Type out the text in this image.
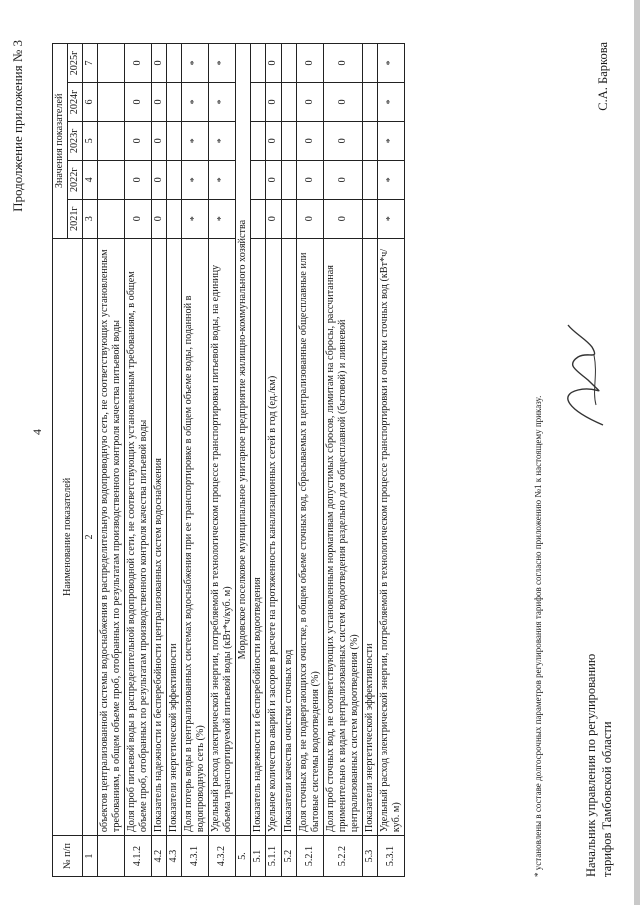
Продолжение приложения № 3
4
№ п/п	Наименование показателей	Значения показателей				
		2021г	2022г	2023г	2024г	2025г
1	2	3	4	5	6	7
	объектов централизованной системы водоснабжения в распределительную водопроводную сеть, не соответствующих установленным требованиям, в общем объеме проб, отобранных по результатам производственного контроля качества питьевой воды					
4.1.2	Доля проб питьевой воды в распределительной водопроводной сети, не соответствующих установленным требованиям, в общем объеме проб, отобранных по результатам производственного контроля качества питьевой воды	0	0	0	0	0
4.2	Показатель надежности и бесперебойности централизованных систем водоснабжения	0	0	0	0	0
4.3	Показатели энергетической эффективности					
4.3.1	Доля потерь воды в централизованных системах водоснабжения при ее транспортировке в общем объеме воды, поданной в водопроводную сеть (%)	*	*	*	*	*
4.3.2	Удельный расход электрической энергии, потребляемой в технологическом процессе транспортировки питьевой воды, на единицу объема транспортируемой питьевой воды (кВт*ч/куб. м)	*	*	*	*	*
5.	Мордовское поселковое муниципальное унитарное предприятие жилищно-коммунального хозяйства					
5.1	Показатель надежности и бесперебойности водоотведения					
5.1.1	Удельное количество аварий и засоров в расчете на протяженность канализационных сетей в год (ед./км)	0	0	0	0	0
5.2	Показатели качества очистки сточных вод					
5.2.1	Доля сточных вод, не подвергающихся очистке, в общем объеме сточных вод, сбрасываемых в централизованные общесплавные или бытовые системы водоотведения (%)	0	0	0	0	0
5.2.2	Доля проб сточных вод, не соответствующих установленным нормативам допустимых сбросов, лимитам на сбросы, рассчитанная применительно к видам централизованных систем водоотведения раздельно для общесплавной (бытовой) и ливневой централизованных систем водоотведения (%)	0	0	0	0	0
5.3	Показатели энергетической эффективности					
5.3.1	Удельный расход электрической энергии, потребляемой в технологическом процессе транспортировки и очистки сточных вод (кВт*ч/куб. м)	*	*	*	*	*
* установлены в составе долгосрочных параметров регулирования тарифов согласно приложению №1 к настоящему приказу.	Начальник управления по регулированию тарифов Тамбовской области
С.А. Баркова
